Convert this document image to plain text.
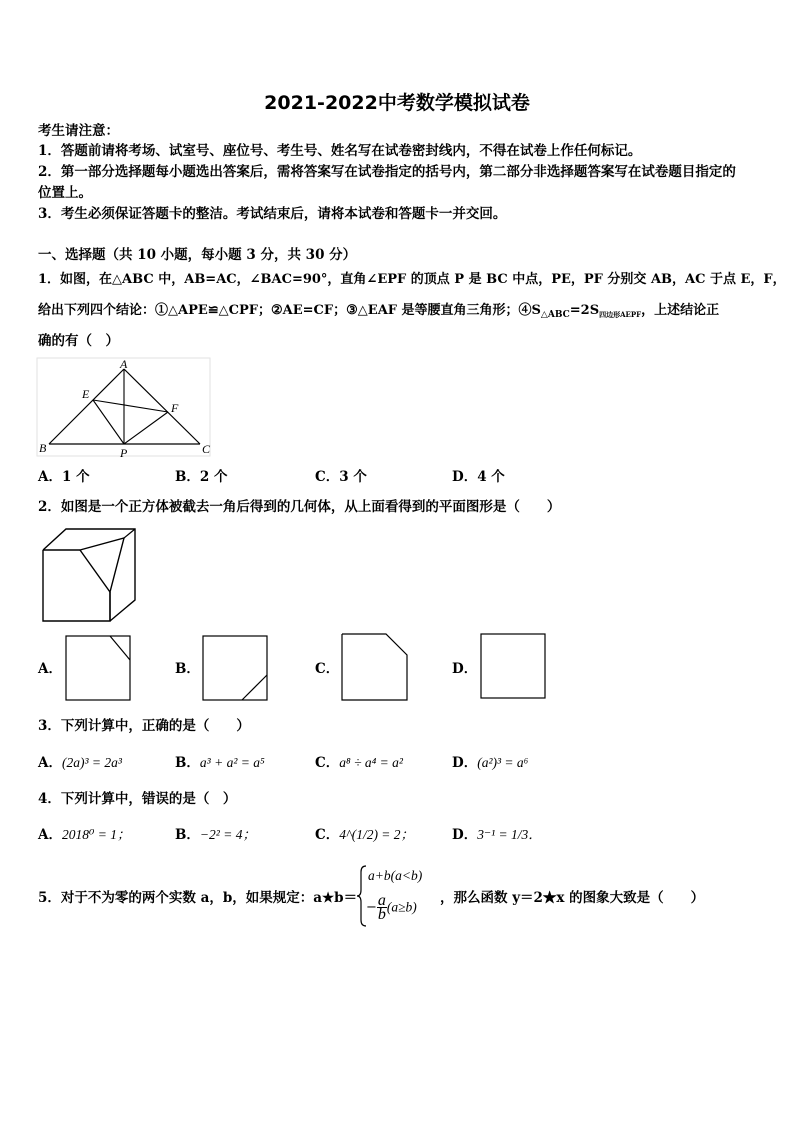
2021-2022中考数学模拟试卷
考生请注意：
1．答题前请将考场、试室号、座位号、考生号、姓名写在试卷密封线内，不得在试卷上作任何标记。
2．第一部分选择题每小题选出答案后，需将答案写在试卷指定的括号内，第二部分非选择题答案写在试卷题目指定的
位置上。
3．考生必须保证答题卡的整洁。考试结束后，请将本试卷和答题卡一并交回。
一、选择题（共 10 小题，每小题 3 分，共 30 分）
1．如图，在△ABC 中，AB=AC，∠BAC=90°，直角∠EPF 的顶点 P 是 BC 中点，PE，PF 分别交 AB，AC 于点 E，F，
给出下列四个结论：①△APE≌△CPF；②AE=CF；③△EAF 是等腰直角三角形；$④S_{\triangle ABC}=2S_{四边形AEPF}$，上述结论正
确的有（　）
A
E
F
B	P	C
A．1 个	B．2 个	C．3 个	D．4 个
2．如图是一个正方体被截去一角后得到的几何体，从上面看得到的平面图形是（　　）
A．	B．	C．	D．
3．下列计算中，正确的是（　　）
A．(2a)³ = 2a³	B．a³ + a² = a⁵	C．a⁸ ÷ a⁴ = a²	D．(a²)³ = a⁶
4．下列计算中，错误的是（　）
A．2018⁰ = 1；	B．−2² = 4；	C．4^(1/2) = 2；	D．3⁻¹ = 1/3．
5．对于不为零的两个实数 a，b，如果规定：a★b＝
a+b(a<b)
− $\frac{a}{b} (a\ge b)$
，那么函数 y＝2★x 的图象大致是（　　）
